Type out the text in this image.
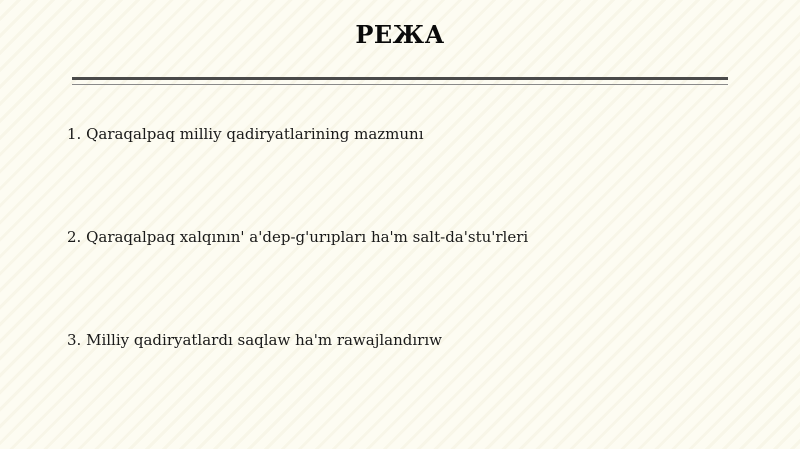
РЕЖА
1. Qaraqalpaq milliy qadiryatlarining mazmunı
2. Qaraqalpaq xalqının' a'dep-g'urıpları ha'm salt-da'stu'rleri
3. Milliy qadiryatlardı saqlaw ha'm rawajlandırıw
